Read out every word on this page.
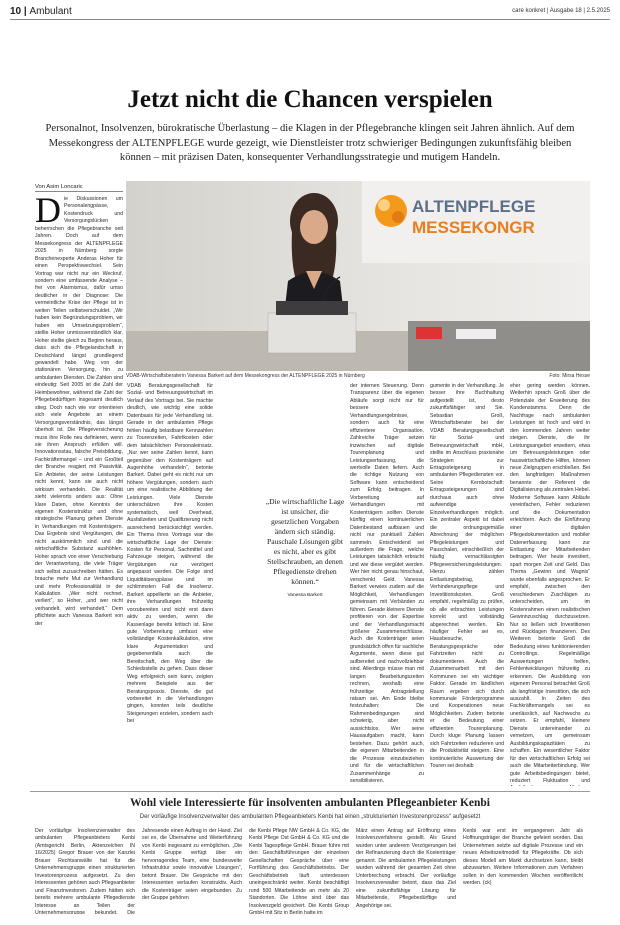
10 | Ambulant	care konkret | Ausgabe 18 | 2.5.2025
Jetzt nicht die Chancen verspielen
Personalnot, Insolvenzen, bürokratische Überlastung – die Klagen in der Pflegebranche klingen seit Jahren ähnlich. Auf dem Messekongress der ALTENPFLEGE wurde gezeigt, wie Dienstleister trotz schwieriger Bedingungen zukunftsfähig bleiben können – mit präzisen Daten, konsequenter Verhandlungsstrategie und mutigem Handeln.
Von Asim Loncaric
Die Diskussionen um Personalengpässe, Kostendruck und Versorgungslücken beherrschen die Pflegebranche seit Jahren. Doch auf dem Messekongress der ALTENPFLEGE 2025 in Nürnberg sorgte Branchenexperte Anderas Hoher für einen Perspektivwechsel. Sein Vortrag war nicht nur ein Weckruf, sondern eine umfassende Analyse – frei von Alarmismus, dafür umso deutlicher in der Diagnose: Die vermeintliche Krise der Pflege ist in weiten Teilen selbstverschuldet. „Wir haben kein Begründungsproblem, wir haben ein Umsetzungsproblem“, stellte Hoher unmissverständlich klar. Hoher stellte gleich zu Beginn heraus, dass sich die Pflegelandschaft in Deutschland längst grundlegend gewandelt habe. Weg von der stationären Versorgung, hin zu ambulanten Diensten. Die Zahlen sind eindeutig: Seit 2005 ist die Zahl der Heimbewohner, während die Zahl der Pflegebedürftigen insgesamt deutlich stieg. Doch nach wie vor orientieren sich viele Angebote an einem Versorgungsverständnis, das längst überholt ist. Die Pflegeversicherung muss ihre Rolle neu definieren, wenn sie ihren Anspruch erfüllen will. Innovationsstau, falsche Preisbildung, Fachkräftemangel – und ein Großteil der Branche reagiert mit Passivität. Ein Anbieter, der seine Leistungen nicht kennt, kann sie auch nicht wirksam verhandeln. Die Realität sieht vielerorts anders aus: Ohne klare Daten, ohne Kenntnis der eigenen Kostenstruktur und ohne strategische Planung gehen Dienste in Verhandlungen mit Kostenträgern. Das Ergebnis sind Vergütungen, die nicht auskömmlich sind und die wirtschaftliche Substanz aushöhlen. Hoher sprach von einer Verschiebung der Verantwortung, die viele Träger sich selbst zuzuschreiben hätten. Es brauche mehr Mut zur Verhandlung und mehr Professionalität in der Kalkulation. „Wer nicht rechnet, verliert“, so Hoher, „und wer nicht verhandelt, wird verhandelt.“ Dem pflichtete auch Vanessa Barkert von der
ALTENPFLEGE
MESSEKONGR
VDAB-Wirtschaftsberaterin Vanessa Barkert auf dem Messekongress der ALTENPFLEGE 2025 in Nürnberg	Foto: Mirsa Hesse
VDAB Beratungsgesellschaft für Sozial- und Betreuungswirtschaft im Verlauf des Vortrags bei. Sie machte deutlich, wie wichtig eine solide Datenbasis für jede Verhandlung ist. Gerade in der ambulanten Pflege fehlen häufig belastbare Kennzahlen zu Tourenzeiten, Fahrtkosten oder dem tatsächlichen Personaleinsatz. „Nur wer seine Zahlen kennt, kann gegenüber den Kostenträgern auf Augenhöhe verhandeln“, betonte Barkert. Dabei geht es nicht nur um höhere Vergütungen, sondern auch um eine realistische Abbildung der Leistungen. Viele Dienste unterschätzen ihre Kosten systematisch, weil Overhead, Ausfallzeiten und Qualifizierung nicht ausreichend berücksichtigt werden. Ein Thema ihres Vortrags war die wirtschaftliche Lage der Dienste: Kosten für Personal, Sachmittel und Fahrzeuge steigen, während die Vergütungen nur verzögert angepasst werden. Die Folge sind Liquiditätsengpässe und im schlimmsten Fall die Insolvenz. Barkert appellierte an die Anbieter, ihre Verhandlungen frühzeitig vorzubereiten und nicht erst dann aktiv zu werden, wenn die Kassenlage bereits kritisch ist. Eine gute Vorbereitung umfasst eine vollständige Kostenkalkulation, eine klare Argumentation und gegebenenfalls auch die Bereitschaft, den Weg über die Schiedsstelle zu gehen. Dass dieser Weg erfolgreich sein kann, zeigten mehrere Beispiele aus der Beratungspraxis. Dienste, die gut vorbereitet in die Verhandlungen gingen, konnten teils deutliche Steigerungen erzielen, sondern auch bei
„Die wirtschaftliche Lage ist unsicher, die gesetzlichen Vorgaben ändern sich ständig. Pauschale Lösungen gibt es nicht, aber es gibt Stellschrauben, an denen Pflegedienste drehen können.“
Vanessa Barkert
der internen Steuerung. Denn Transparenz über die eigenen Abläufe sorgt nicht nur für bessere Verhandlungsergebnisse, sondern auch für eine effizientere Organisation. Zahlreiche Träger setzen inzwischen auf digitale Tourenplanung und Leistungserfassung, die wertvolle Daten liefern. Auch die richtige Nutzung von Software kann entscheidend zum Erfolg beitragen. In Vorbereitung auf Verhandlungen mit Kostenträgern sollten Dienste künftig einen kontinuierlichen Datenbestand aufbauen und nicht nur punktuell Zahlen sammeln. Entscheidend sei außerdem die Frage, welche Leistungen tatsächlich erbracht und wie diese vergütet werden. Wer hier nicht genau hinschaut, verschenkt Geld. Vanessa Barkert verwies zudem auf die Möglichkeit, Verhandlungen gemeinsam mit Verbänden zu führen. Gerade kleinere Dienste profitieren von der Expertise und der Verhandlungsmacht größerer Zusammenschlüsse. Auch die Kostenträger seien grundsätzlich offen für sachliche Argumente, wenn diese gut aufbereitet und nachvollziehbar sind. Allerdings müsse man mit langen Bearbeitungszeiten rechnen, weshalb eine frühzeitige Antragstellung ratsam sei. Am Ende bleibe festzuhalten: Die Rahmenbedingungen sind schwierig, aber nicht aussichtslos. Wer seine Hausaufgaben macht, kann bestehen. Dazu gehört auch, die eigenen Mitarbeitenden in die Prozesse einzubeziehen und für die wirtschaftlichen Zusammenhänge zu sensibilisieren.
gumente in der Verhandlung. Je besser ihre Buchhaltung aufgestellt ist, desto zukunftsfähiger sind Sie. Sebastian Groß, Wirtschaftsberater bei der VDAB Beratungsgesellschaft für Sozial- und Betreuungswirtschaft mbH, stellte im Anschluss praxisnahe Strategien zur Ertragssteigerung in ambulanten Pflegediensten vor. Seine Kernbotschaft: Ertragssteigerungen sind durchaus auch ohne aufwendige Einzelverhandlungen möglich. Ein zentraler Aspekt ist dabei die ordnungsgemäße Abrechnung der möglichen Pflegeleistungen und Pauschalen, einschließlich der häufig vernachlässigten Pflegeversicherungsleistungen. Hierzu zählen Entlastungsbetrag, Verhinderungspflege und Investitionskosten. Groß empfahl, regelmäßig zu prüfen, ob alle erbrachten Leistungen korrekt und vollständig abgerechnet werden. Ein häufiger Fehler sei es, Hausbesuche, Beratungsgespräche oder Fahrtzeiten nicht zu dokumentieren. Auch die Zusammenarbeit mit den Kommunen sei ein wichtiger Faktor. Gerade im ländlichen Raum ergeben sich durch kommunale Förderprogramme und Kooperationen neue Möglichkeiten. Zudem betonte er die Bedeutung einer effizienten Tourenplanung. Durch kluge Planung lassen sich Fahrtzeiten reduzieren und die Produktivität steigern. Eine kontinuierliche Auswertung der Touren sei deshalb
eher gering werden können. Weiterhin sprach Groß über die Potenziale der Erweiterung des Kundenstamms. Denn die Nachfrage nach ambulanten Leistungen ist hoch und wird in den kommenden Jahren weiter steigen. Dienste, die ihr Leistungsangebot erweitern, etwa um Betreuungsleistungen oder hauswirtschaftliche Hilfen, können neue Zielgruppen erschließen. Bei den langfristigen Maßnahmen benannte der Referent die Digitalisierung als zentralen Hebel. Moderne Software kann Abläufe vereinfachen, Fehler reduzieren und die Dokumentation erleichtern. Auch die Einführung einer digitalen Pflegedokumentation und mobiler Datenerfassung kann zur Entlastung der Mitarbeitenden beitragen. Wer heute investiert, spart morgen Zeit und Geld. Das Thema „Gewinn und Wagnis“ wurde ebenfalls angesprochen. Er empfahl, zwischen den verschiedenen Zuschlägen zu unterscheiden, um im Kostenrahmen einen realistischen Gewinnzuschlag durchzusetzen. Nur so ließen sich Investitionen und Rücklagen finanzieren. Des Weiteren betonte Groß die Bedeutung eines funktionierenden Controllings. Regelmäßige Auswertungen helfen, Fehlentwicklungen frühzeitig zu erkennen. Die Ausbildung von eigenem Personal betrachtet Groß als langfristige Investition, die sich auszahlt. In Zeiten des Fachkräftemangels sei es unerlässlich, auf Nachwuchs zu setzen. Er empfahl, kleinere Dienste untereinander zu vernetzen, um gemeinsam Ausbildungskapazitäten zu schaffen. Ein wesentlicher Faktor für den wirtschaftlichen Erfolg sei auch die Mitarbeiterbindung. Wer gute Arbeitsbedingungen bietet, reduziert Fluktuation und
Wohl viele Interessierte für insolventen ambulanten Pflegeanbieter Kenbi
Der vorläufige Insolvenzverwalter des ambulanten Pflegeanbieters Kenbi hat einen „strukturierten Investorenprozess“ aufgesetzt
Der vorläufige Insolvenzverwalter des ambulanten Pflegeanbieters Kenbi (Amtsgericht Berlin, Aktenzeichen IN 16/2025) Gregor Brauer von der Kanzlei Brauer Rechtsanwälte hat für die Unternehmensgruppe einen strukturierten Investorenprozess aufgesetzt. Zu den Interessenten gehören auch Pflegeanbieter und Finanzinvestoren. Zudem hätten sich bereits mehrere ambulante Pflegedienste Interesse an Teilen der Unternehmensgruppe bekundet. Die
Jahresende einen Auftrag in der Hand. Ziel sei es, die Übernahme und Weiterführung von Kenbi insgesamt zu ermöglichen. „Die Kenbi Gruppe verfügt über ein hervorragendes Team, eine bundesweite Infrastruktur sowie innovative Lösungen“, betont Brauer. Die Gespräche mit den Interessenten verlaufen konstruktiv. Auch die Kostenträger seien eingebunden. Zu der Gruppe gehören
die Kenbi Pflege NW GmbH & Co. KG, die Kenbi Pflege Ost GmbH & Co. KG und die Kenbi Tagespflege GmbH. Brauer führe mit den Geschäftsführungen der einzelnen Gesellschaften Gespräche über eine Fortführung des Geschäftsbetriebs. Der Geschäftsbetrieb läuft unterdessen uneingeschränkt weiter. Kenbi beschäftigt rund 500 Mitarbeitende an mehr als 20 Standorten. Die Löhne sind über das Insolvenzgeld gesichert. Die Kenbi Group GmbH mit Sitz in Berlin hatte im
März einen Antrag auf Eröffnung eines Insolvenzverfahrens gestellt. Als Grund wurden unter anderem Verzögerungen bei der Refinanzierung durch die Kostenträger genannt. Die ambulanten Pflegeleistungen wurden während der gesamten Zeit ohne Unterbrechung erbracht. Der vorläufige Insolvenzverwalter betont, dass das Ziel eine zukunftsfähige Lösung für Mitarbeitende, Pflegebedürftige und Angehörige sei.
Kenbi war erst im vergangenen Jahr als Hoffnungsträger der Branche gefeiert worden. Das Unternehmen setzte auf digitale Prozesse und ein neues Arbeitszeitmodell für Pflegekräfte. Ob sich dieses Modell am Markt durchsetzen kann, bleibt abzuwarten. Weitere Informationen zum Verfahren sollen in den kommenden Wochen veröffentlicht werden. (ck)
